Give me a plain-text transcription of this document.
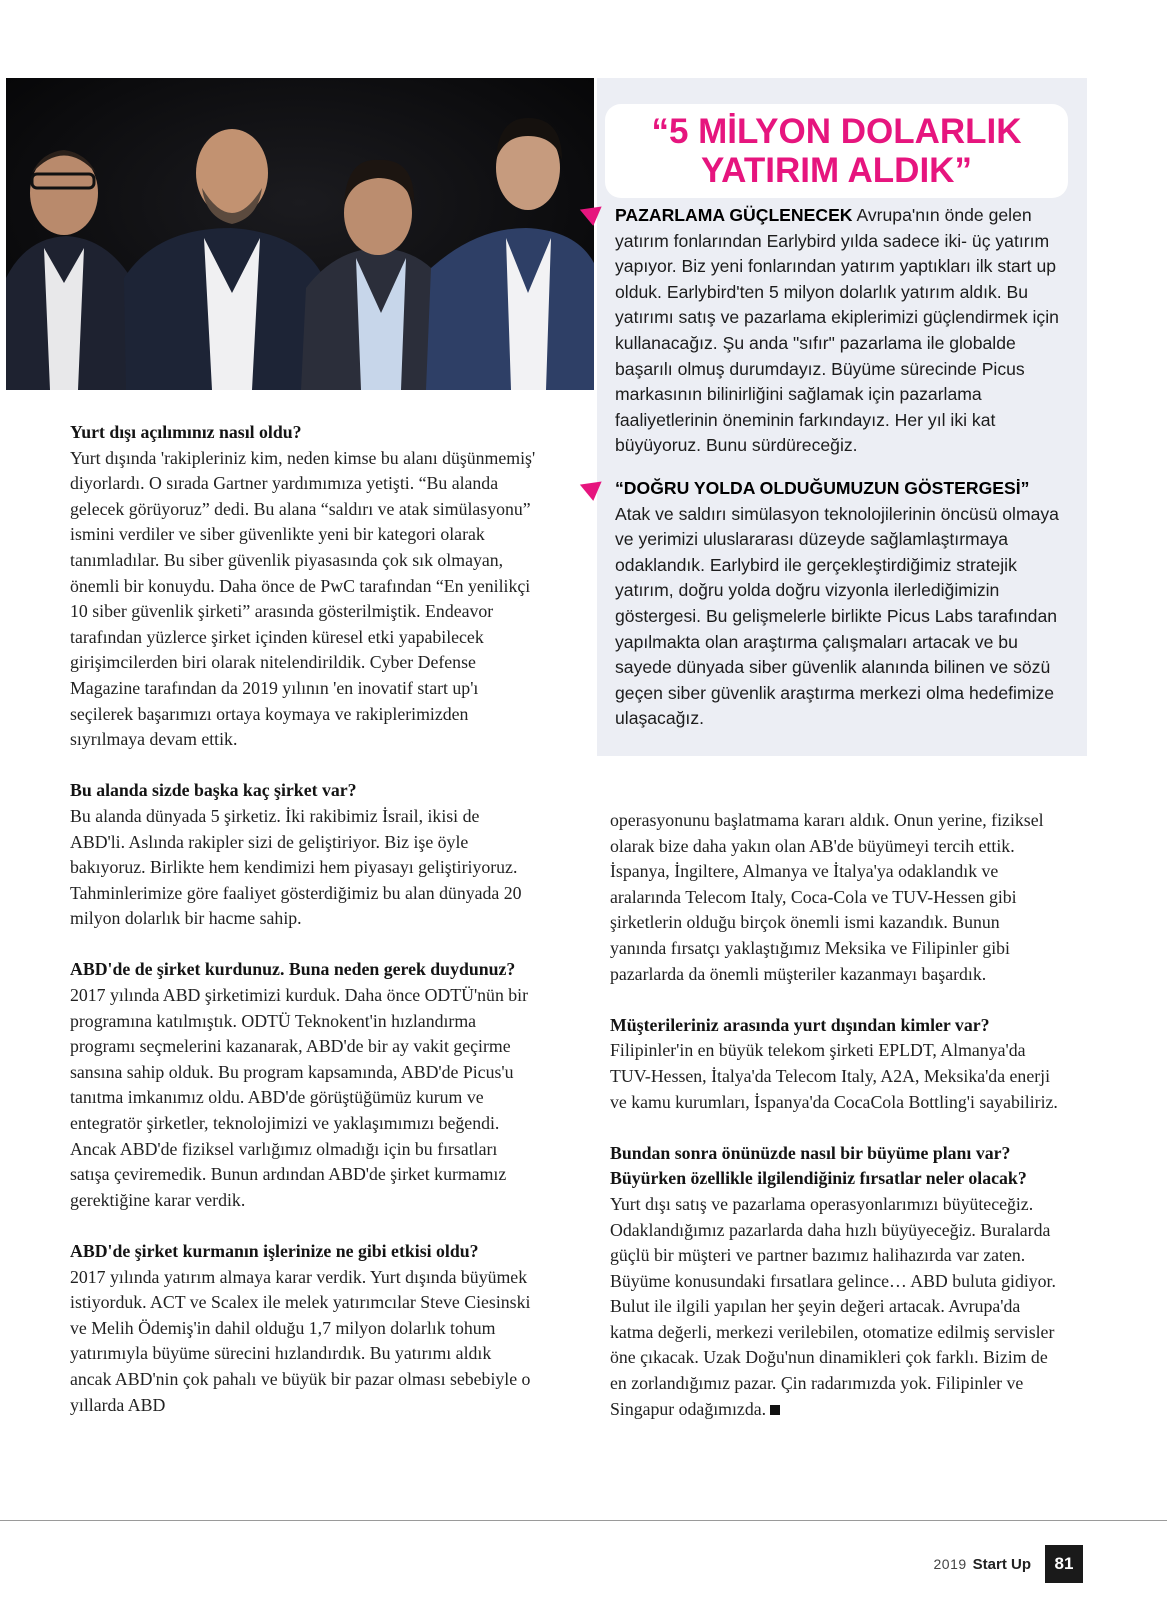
“5 MİLYON DOLARLIK
YATIRIM ALDIK”

PAZARLAMA GÜÇLENECEK Avrupa'nın önde gelen yatırım fonlarından Earlybird yılda sadece iki- üç yatırım yapıyor. Biz yeni fonlarından yatırım yaptıkları ilk start up olduk. Earlybird'ten 5 milyon dolarlık yatırım aldık. Bu yatırımı satış ve pazarlama ekiplerimizi güçlendirmek için kullanacağız. Şu anda "sıfır" pazarlama ile globalde başarılı olmuş durumdayız. Büyüme sürecinde Picus markasının bilinirliğini sağlamak için pazarlama faaliyetlerinin öneminin farkındayız. Her yıl iki kat büyüyoruz. Bunu sürdüreceğiz.

“DOĞRU YOLDA OLDUĞUMUZUN GÖSTERGESİ”
Atak ve saldırı simülasyon teknolojilerinin öncüsü olmaya ve yerimizi uluslararası düzeyde sağlamlaştırmaya odaklandık. Earlybird ile gerçekleştirdiğimiz stratejik yatırım, doğru yolda doğru vizyonla ilerlediğimizin göstergesi. Bu gelişmelerle birlikte Picus Labs tarafından yapılmakta olan araştırma çalışmaları artacak ve bu sayede dünyada siber güvenlik alanında bilinen ve sözü geçen siber güvenlik araştırma merkezi olma hedefimize ulaşacağız.

Yurt dışı açılımınız nasıl oldu?
Yurt dışında 'rakipleriniz kim, neden kimse bu alanı düşünmemiş' diyorlardı. O sırada Gartner yardımımıza yetişti. “Bu alanda gelecek görüyoruz” dedi. Bu alana “saldırı ve atak simülasyonu” ismini verdiler ve siber güvenlikte yeni bir kategori olarak tanımladılar. Bu siber güvenlik piyasasında çok sık olmayan, önemli bir konuydu. Daha önce de PwC tarafından “En yenilikçi 10 siber güvenlik şirketi” arasında gösterilmiştik. Endeavor tarafından yüzlerce şirket içinden küresel etki yapabilecek girişimcilerden biri olarak nitelendirildik. Cyber Defense Magazine tarafından da 2019 yılının 'en inovatif start up'ı seçilerek başarımızı ortaya koymaya ve rakiplerimizden sıyrılmaya devam ettik.

Bu alanda sizde başka kaç şirket var?
Bu alanda dünyada 5 şirketiz. İki rakibimiz İsrail, ikisi de ABD'li. Aslında rakipler sizi de geliştiriyor. Biz işe öyle bakıyoruz. Birlikte hem kendimizi hem piyasayı geliştiriyoruz. Tahminlerimize göre faaliyet gösterdiğimiz bu alan dünyada 20 milyon dolarlık bir hacme sahip.

ABD'de de şirket kurdunuz. Buna neden gerek duydunuz?
2017 yılında ABD şirketimizi kurduk. Daha önce ODTÜ'nün bir programına katılmıştık. ODTÜ Teknokent'in hızlandırma programı seçmelerini kazanarak, ABD'de bir ay vakit geçirme sansına sahip olduk. Bu program kapsamında, ABD'de Picus'u tanıtma imkanımız oldu. ABD'de görüştüğümüz kurum ve entegratör şirketler, teknolojimizi ve yaklaşımımızı beğendi. Ancak ABD'de fiziksel varlığımız olmadığı için bu fırsatları satışa çeviremedik. Bunun ardından ABD'de şirket kurmamız gerektiğine karar verdik.

ABD'de şirket kurmanın işlerinize ne gibi etkisi oldu?
2017 yılında yatırım almaya karar verdik. Yurt dışında büyümek istiyorduk. ACT ve Scalex ile melek yatırımcılar Steve Ciesinski ve Melih Ödemiş'in dahil olduğu 1,7 milyon dolarlık tohum yatırımıyla büyüme sürecini hızlandırdık. Bu yatırımı aldık ancak ABD'nin çok pahalı ve büyük bir pazar olması sebebiyle o yıllarda ABD

operasyonunu başlatmama kararı aldık. Onun yerine, fiziksel olarak bize daha yakın olan AB'de büyümeyi tercih ettik. İspanya, İngiltere, Almanya ve İtalya'ya odaklandık ve aralarında Telecom Italy, Coca-Cola ve TUV-Hessen gibi şirketlerin olduğu birçok önemli ismi kazandık. Bunun yanında fırsatçı yaklaştığımız Meksika ve Filipinler gibi pazarlarda da önemli müşteriler kazanmayı başardık.

Müşterileriniz arasında yurt dışından kimler var?
Filipinler'in en büyük telekom şirketi EPLDT, Almanya'da TUV-Hessen, İtalya'da Telecom Italy, A2A, Meksika'da enerji ve kamu kurumları, İspanya'da CocaCola Bottling'i sayabiliriz.

Bundan sonra önünüzde nasıl bir büyüme planı var? Büyürken özellikle ilgilendiğiniz fırsatlar neler olacak?
Yurt dışı satış ve pazarlama operasyonlarımızı büyüteceğiz. Odaklandığımız pazarlarda daha hızlı büyüyeceğiz. Buralarda güçlü bir müşteri ve partner bazımız halihazırda var zaten. Büyüme konusundaki fırsatlara gelince… ABD buluta gidiyor. Bulut ile ilgili yapılan her şeyin değeri artacak. Avrupa'da katma değerli, merkezi verilebilen, otomatize edilmiş servisler öne çıkacak. Uzak Doğu'nun dinamikleri çok farklı. Bizim de en zorlandığımız pazar. Çin radarımızda yok. Filipinler ve Singapur odağımızda.

2019 Start Up	81
